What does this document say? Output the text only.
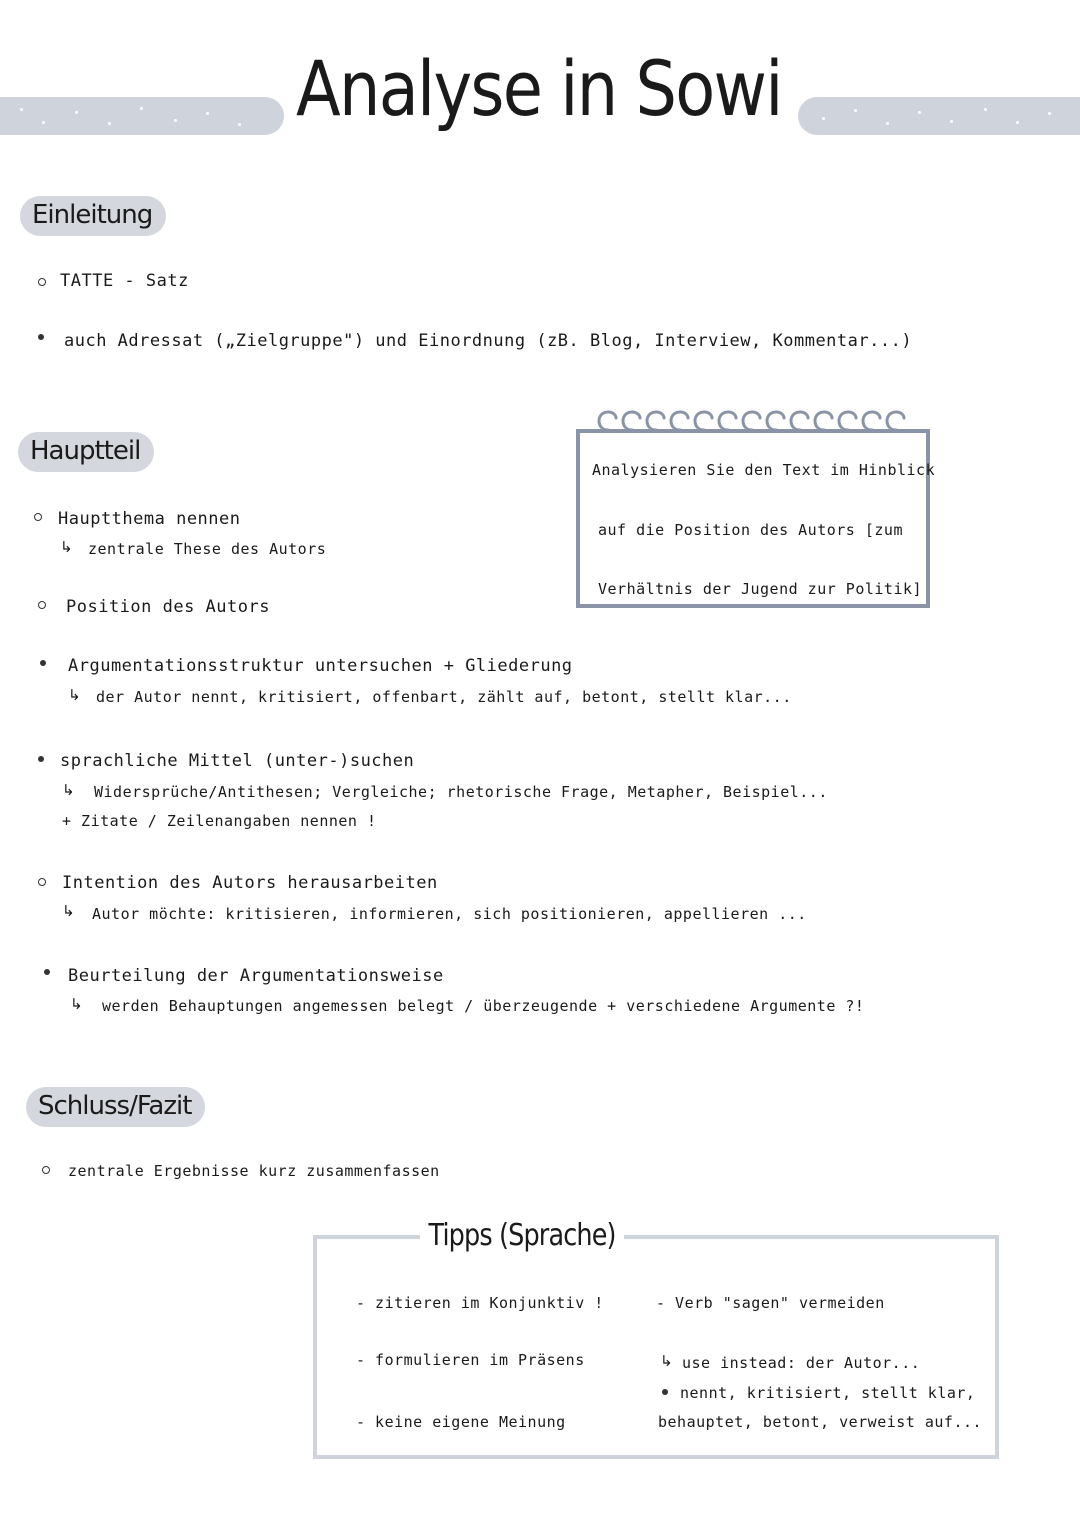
Analyse in Sowi
Einleitung
TATTE - Satz
auch Adressat („Zielgruppe") und Einordnung (zB. Blog, Interview, Kommentar...)
Hauptteil
Hauptthema nennen
↳ zentrale These des Autors
Position des Autors
Argumentationsstruktur untersuchen + Gliederung
↳ der Autor nennt, kritisiert, offenbart, zählt auf, betont, stellt klar...
sprachliche Mittel (unter-)suchen
↳ Widersprüche/Antithesen; Vergleiche; rhetorische Frage, Metapher, Beispiel...
+ Zitate / Zeilenangaben nennen !
Intention des Autors herausarbeiten
↳ Autor möchte: kritisieren, informieren, sich positionieren, appellieren ...
Beurteilung der Argumentationsweise
↳ werden Behauptungen angemessen belegt / überzeugende + verschiedene Argumente ?!
Analysieren Sie den Text im Hinblick
auf die Position des Autors [zum
Verhältnis der Jugend zur Politik]
Schluss/Fazit
zentrale Ergebnisse kurz zusammenfassen
Tipps (Sprache)
- zitieren im Konjunktiv !
- formulieren im Präsens
- keine eigene Meinung
- Verb "sagen" vermeiden
↳ use instead: der Autor...
nennt, kritisiert, stellt klar,
behauptet, betont, verweist auf...
